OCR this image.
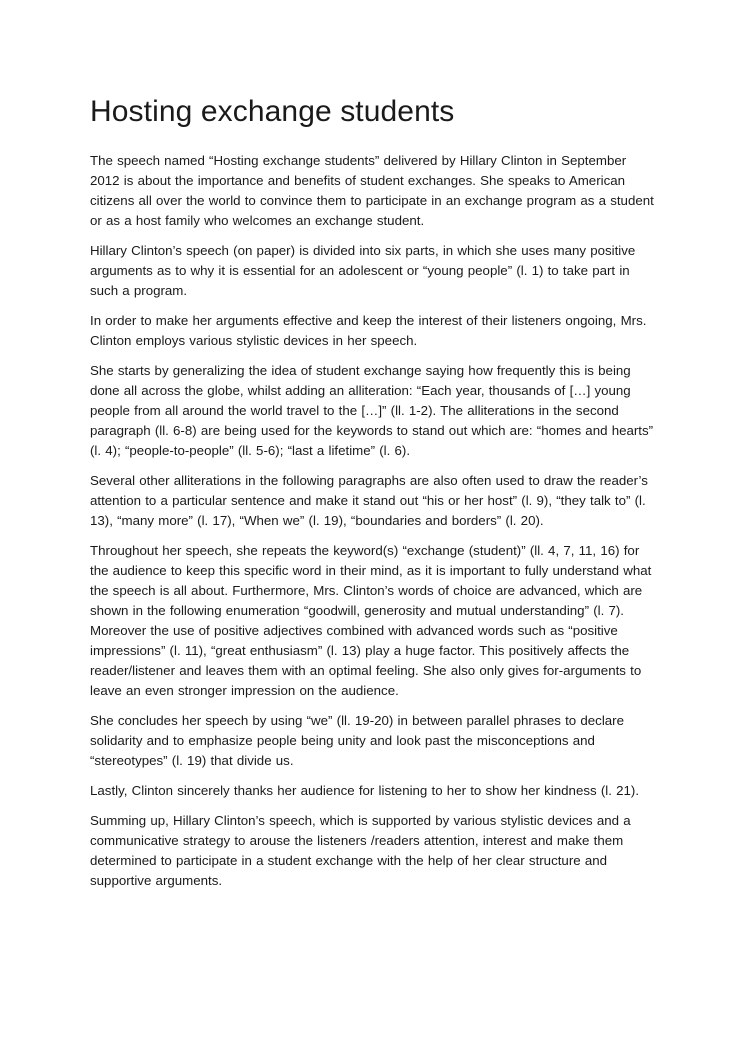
Hosting exchange students

The speech named “Hosting exchange students” delivered by Hillary Clinton in September 2012 is about the importance and benefits of student exchanges. She speaks to American citizens all over the world to convince them to participate in an exchange program as a student or as a host family who welcomes an exchange student.

Hillary Clinton’s speech (on paper) is divided into six parts, in which she uses many positive arguments as to why it is essential for an adolescent or “young people” (l. 1) to take part in such a program.

In order to make her arguments effective and keep the interest of their listeners ongoing, Mrs. Clinton employs various stylistic devices in her speech.

She starts by generalizing the idea of student exchange saying how frequently this is being done all across the globe, whilst adding an alliteration: “Each year, thousands of […] young people from all around the world travel to the […]” (ll. 1-2). The alliterations in the second paragraph (ll. 6-8) are being used for the keywords to stand out which are: “homes and hearts” (l. 4); “people-to-people” (ll. 5-6); “last a lifetime” (l. 6).

Several other alliterations in the following paragraphs are also often used to draw the reader’s attention to a particular sentence and make it stand out “his or her host” (l. 9), “they talk to” (l. 13), “many more” (l. 17), “When we” (l. 19), “boundaries and borders” (l. 20).

Throughout her speech, she repeats the keyword(s) “exchange (student)” (ll. 4, 7, 11, 16) for the audience to keep this specific word in their mind, as it is important to fully understand what the speech is all about. Furthermore, Mrs. Clinton’s words of choice are advanced, which are shown in the following enumeration “goodwill, generosity and mutual understanding” (l. 7). Moreover the use of positive adjectives combined with advanced words such as “positive impressions” (l. 11), “great enthusiasm” (l. 13) play a huge factor. This positively affects the reader/listener and leaves them with an optimal feeling. She also only gives for-arguments to leave an even stronger impression on the audience.

She concludes her speech by using “we” (ll. 19-20) in between parallel phrases to declare solidarity and to emphasize people being unity and look past the misconceptions and “stereotypes” (l. 19) that divide us.

Lastly, Clinton sincerely thanks her audience for listening to her to show her kindness (l. 21).

Summing up, Hillary Clinton’s speech, which is supported by various stylistic devices and a communicative strategy to arouse the listeners /readers attention, interest and make them determined to participate in a student exchange with the help of her clear structure and supportive arguments.
